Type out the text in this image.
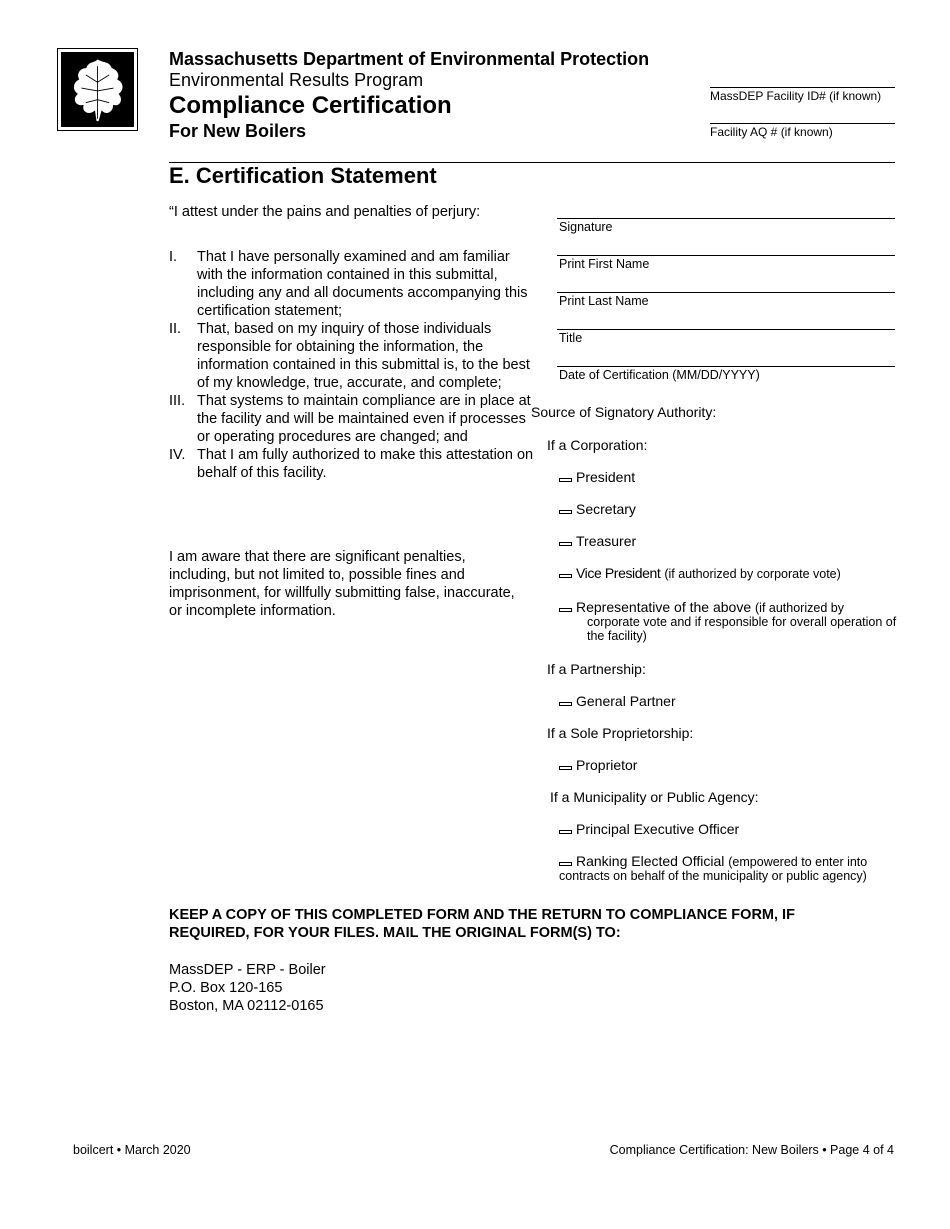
Massachusetts Department of Environmental Protection
Environmental Results Program
Compliance Certification
For New Boilers
MassDEP Facility ID# (if known)
Facility AQ # (if known)
E. Certification Statement
“I attest under the pains and penalties of perjury:
I.	That I have personally examined and am familiar with the information contained in this submittal, including any and all documents accompanying this certification statement;
II.	That, based on my inquiry of those individuals responsible for obtaining the information, the information contained in this submittal is, to the best of my knowledge, true, accurate, and complete;
III. That systems to maintain compliance are in place at the facility and will be maintained even if processes or operating procedures are changed; and
IV. That I am fully authorized to make this attestation on behalf of this facility.
I am aware that there are significant penalties, including, but not limited to, possible fines and imprisonment, for willfully submitting false, inaccurate, or incomplete information.
Signature
Print First Name
Print Last Name
Title
Date of Certification (MM/DD/YYYY)
Source of Signatory Authority:
If a Corporation:
President
Secretary
Treasurer
Vice President (if authorized by corporate vote)
Representative of the above (if authorized by
corporate vote and if responsible for overall operation of
the facility)
If a Partnership:
General Partner
If a Sole Proprietorship:
Proprietor
If a Municipality or Public Agency:
Principal Executive Officer
Ranking Elected Official (empowered to enter into
contracts on behalf of the municipality or public agency)
KEEP A COPY OF THIS COMPLETED FORM AND THE RETURN TO COMPLIANCE FORM, IF
REQUIRED, FOR YOUR FILES. MAIL THE ORIGINAL FORM(S) TO:
MassDEP - ERP - Boiler
P.O. Box 120-165
Boston, MA 02112-0165
boilcert • March 2020	Compliance Certification: New Boilers • Page 4 of 4
